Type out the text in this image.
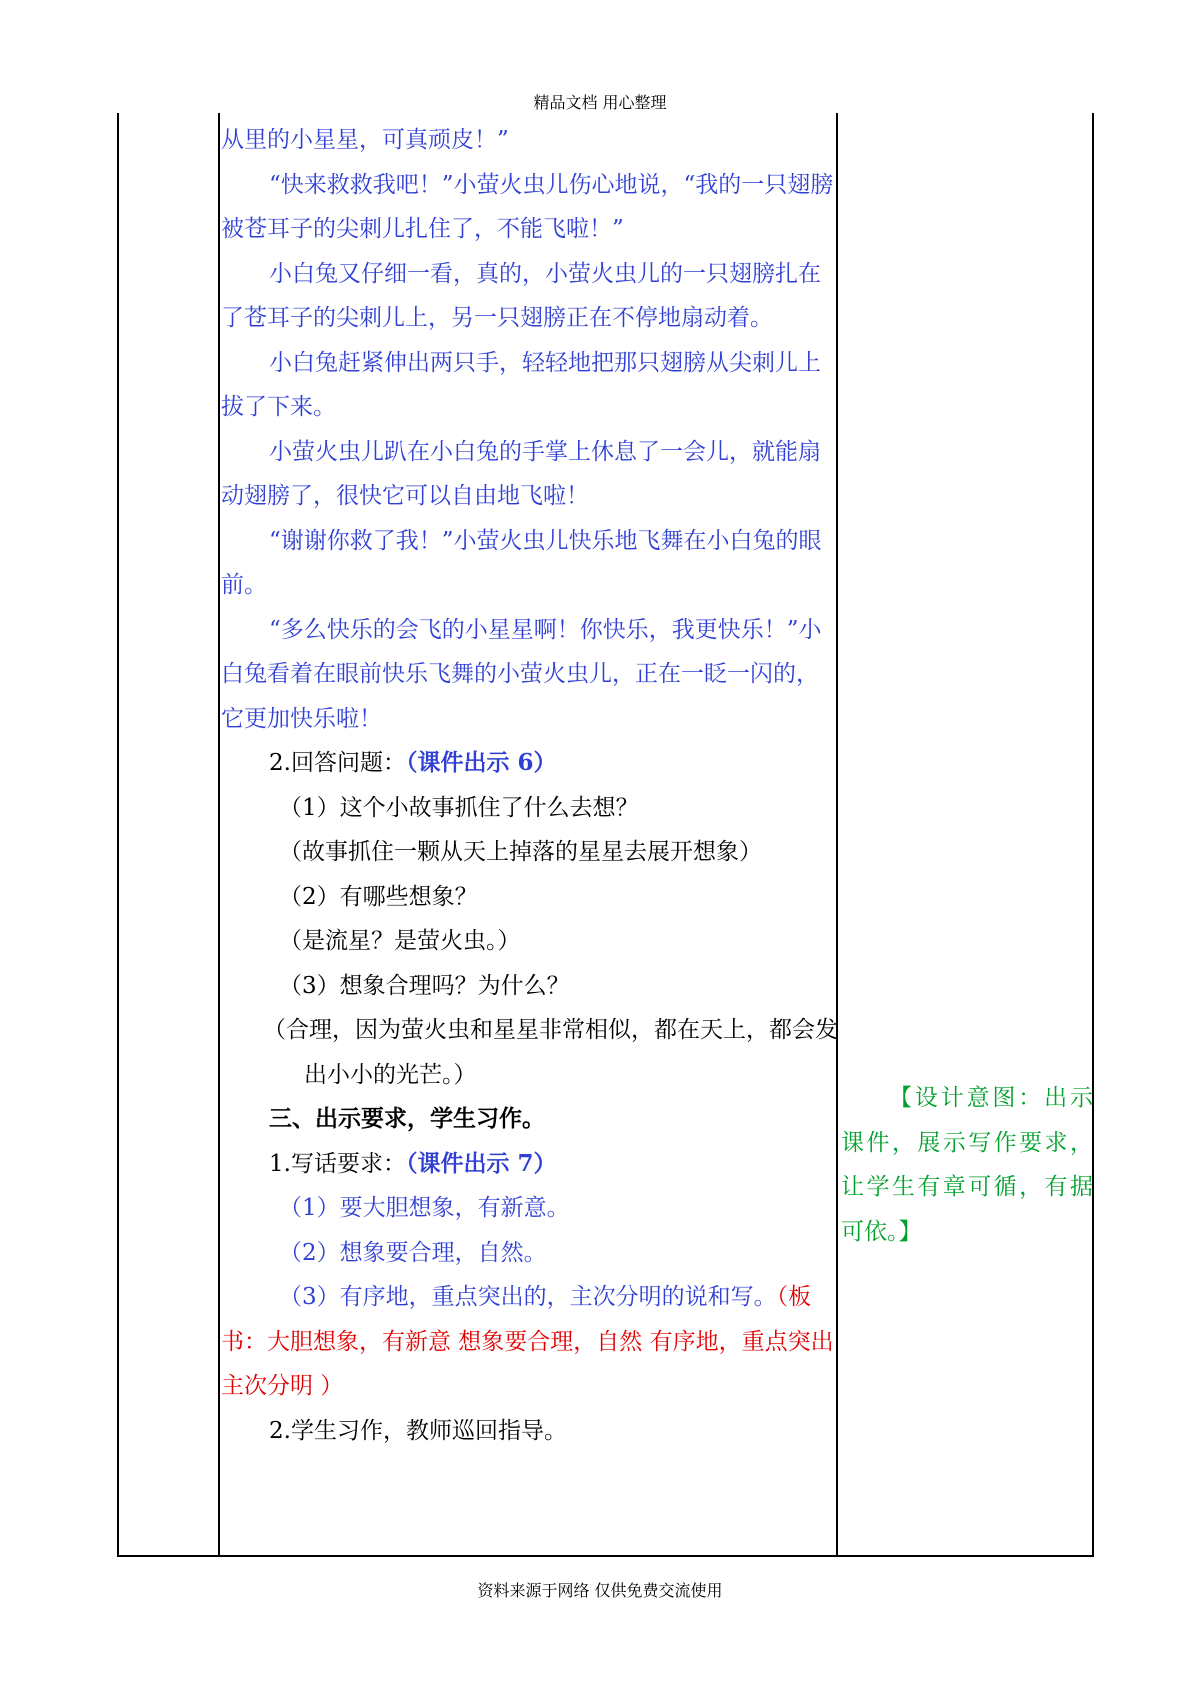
精品文档 用心整理

从里的小星星，可真顽皮！”

“快来救救我吧！”小萤火虫儿伤心地说，“我的一只翅膀被苍耳子的尖刺儿扎住了，不能飞啦！”

小白兔又仔细一看，真的，小萤火虫儿的一只翅膀扎在了苍耳子的尖刺儿上，另一只翅膀正在不停地扇动着。

小白兔赶紧伸出两只手，轻轻地把那只翅膀从尖刺儿上拔了下来。

小萤火虫儿趴在小白兔的手掌上休息了一会儿，就能扇动翅膀了，很快它可以自由地飞啦！

“谢谢你救了我！”小萤火虫儿快乐地飞舞在小白兔的眼前。

“多么快乐的会飞的小星星啊！你快乐，我更快乐！”小白兔看着在眼前快乐飞舞的小萤火虫儿，正在一眨一闪的，它更加快乐啦！

2.回答问题：（课件出示 6）

（1）这个小故事抓住了什么去想？

（故事抓住一颗从天上掉落的星星去展开想象）

（2）有哪些想象？

（是流星？是萤火虫。）

（3）想象合理吗？为什么？

（合理，因为萤火虫和星星非常相似，都在天上，都会发出小小的光芒。）

三、出示要求，学生习作。

1.写话要求：（课件出示 7）

（1）要大胆想象，有新意。

（2）想象要合理，自然。

（3）有序地，重点突出的，主次分明的说和写。（板书：大胆想象，有新意 想象要合理，自然 有序地，重点突出 主次分明 ）

2.学生习作，教师巡回指导。

【设计意图：出示课件，展示写作要求，让学生有章可循，有据可依。】

资料来源于网络 仅供免费交流使用
